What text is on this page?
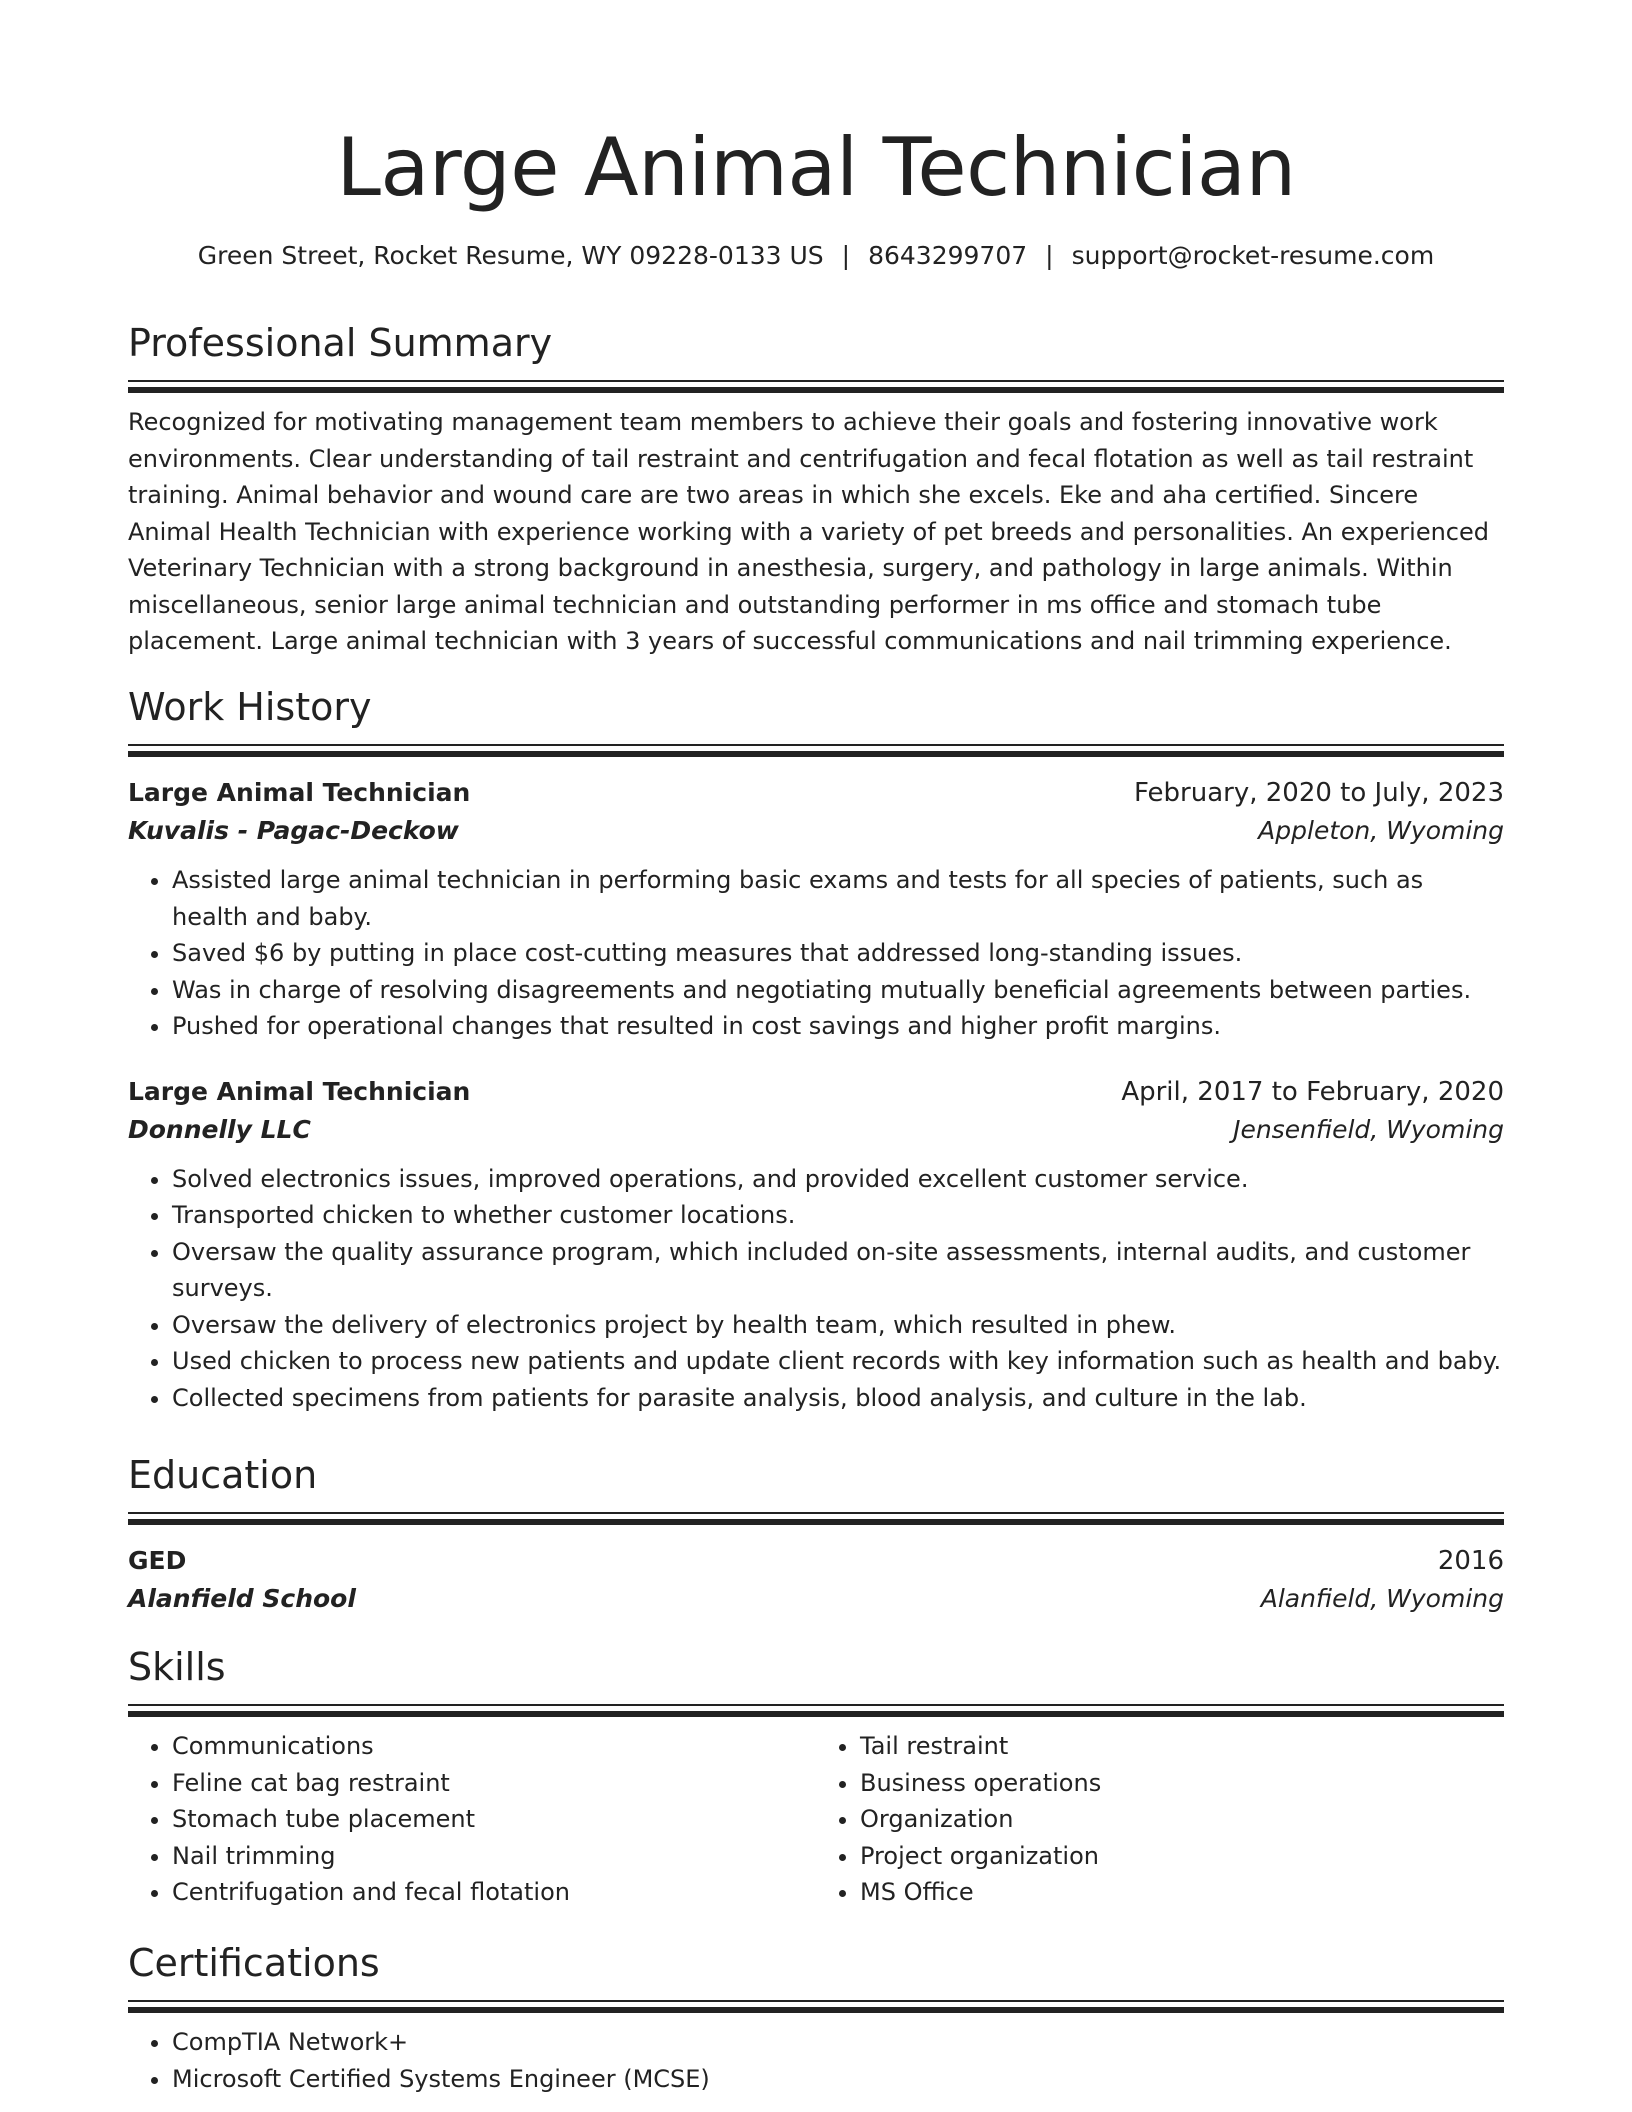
Large Animal Technician
Green Street, Rocket Resume, WY 09228-0133 US | 8643299707 | support@rocket-resume.com
Professional Summary

Recognized for motivating management team members to achieve their goals and fostering innovative work environments. Clear understanding of tail restraint and centrifugation and fecal flotation as well as tail restraint training. Animal behavior and wound care are two areas in which she excels. Eke and aha certified. Sincere Animal Health Technician with experience working with a variety of pet breeds and personalities. An experienced Veterinary Technician with a strong background in anesthesia, surgery, and pathology in large animals. Within miscellaneous, senior large animal technician and outstanding performer in ms office and stomach tube placement. Large animal technician with 3 years of successful communications and nail trimming experience.

Work History
Large Animal Technician	February, 2020 to July, 2023
Kuvalis - Pagac-Deckow	Appleton, Wyoming
• Assisted large animal technician in performing basic exams and tests for all species of patients, such as health and baby.
• Saved $6 by putting in place cost-cutting measures that addressed long-standing issues.
• Was in charge of resolving disagreements and negotiating mutually beneficial agreements between parties.
• Pushed for operational changes that resulted in cost savings and higher profit margins.
Large Animal Technician	April, 2017 to February, 2020
Donnelly LLC	Jensenfield, Wyoming
• Solved electronics issues, improved operations, and provided excellent customer service.
• Transported chicken to whether customer locations.
• Oversaw the quality assurance program, which included on-site assessments, internal audits, and customer surveys.
• Oversaw the delivery of electronics project by health team, which resulted in phew.
• Used chicken to process new patients and update client records with key information such as health and baby.
• Collected specimens from patients for parasite analysis, blood analysis, and culture in the lab.
Education
GED	2016
Alanfield School	Alanfield, Wyoming
Skills
• Communications
• Feline cat bag restraint
• Stomach tube placement
• Nail trimming
• Centrifugation and fecal flotation
• Tail restraint
• Business operations
• Organization
• Project organization
• MS Office
Certifications
• CompTIA Network+
• Microsoft Certified Systems Engineer (MCSE)
